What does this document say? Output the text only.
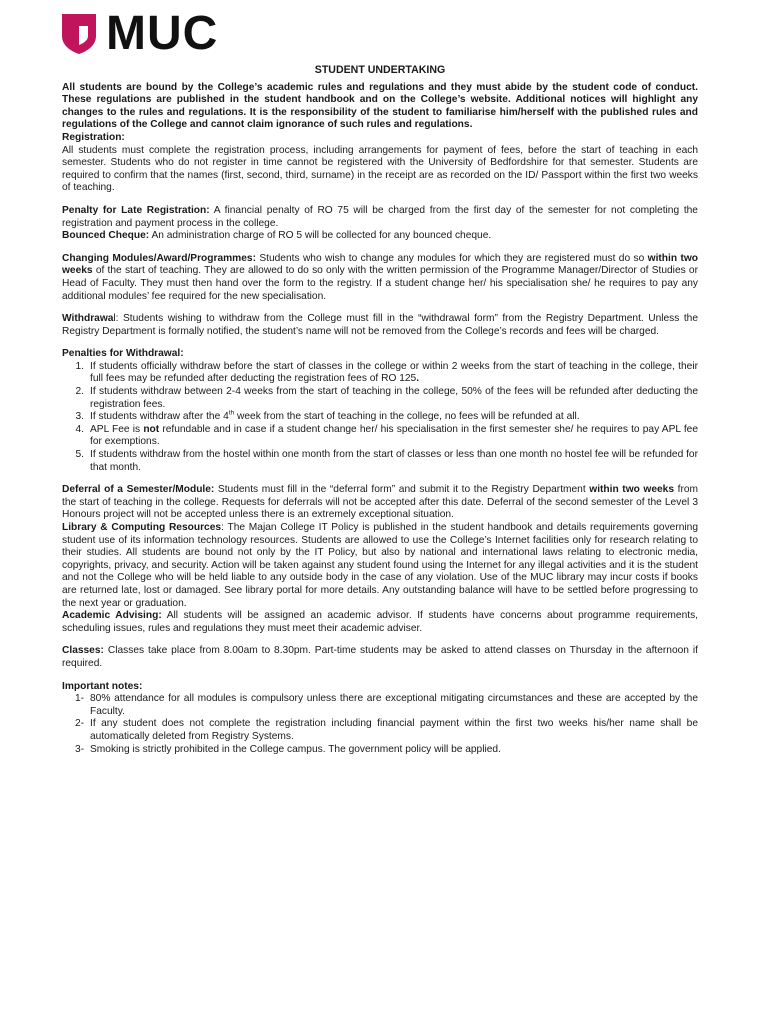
MUC
STUDENT UNDERTAKING

All students are bound by the College’s academic rules and regulations and they must abide by the student code of conduct. These regulations are published in the student handbook and on the College’s website. Additional notices will highlight any changes to the rules and regulations. It is the responsibility of the student to familiarise him/herself with the published rules and regulations of the College and cannot claim ignorance of such rules and regulations.

Registration:

All students must complete the registration process, including arrangements for payment of fees, before the start of teaching in each semester. Students who do not register in time cannot be registered with the University of Bedfordshire for that semester. Students are required to confirm that the names (first, second, third, surname) in the receipt are as recorded on the ID/ Passport within the first two weeks of teaching.

Penalty for Late Registration: A financial penalty of RO 75 will be charged from the first day of the semester for not completing the registration and payment process in the college.

Bounced Cheque: An administration charge of RO 5 will be collected for any bounced cheque.

Changing Modules/Award/Programmes: Students who wish to change any modules for which they are registered must do so within two weeks of the start of teaching. They are allowed to do so only with the written permission of the Programme Manager/Director of Studies or Head of Faculty. They must then hand over the form to the registry. If a student change her/ his specialisation she/ he requires to pay any additional modules’ fee required for the new specialisation.

Withdrawal: Students wishing to withdraw from the College must fill in the “withdrawal form” from the Registry Department. Unless the Registry Department is formally notified, the student’s name will not be removed from the College’s records and fees will be charged.

Penalties for Withdrawal:

1. If students officially withdraw before the start of classes in the college or within 2 weeks from the start of teaching in the college, their full fees may be refunded after deducting the registration fees of RO 125.
2. If students withdraw between 2-4 weeks from the start of teaching in the college, 50% of the fees will be refunded after deducting the registration fees.
3. If students withdraw after the 4th week from the start of teaching in the college, no fees will be refunded at all.
4. APL Fee is not refundable and in case if a student change her/ his specialisation in the first semester she/ he requires to pay APL fee for exemptions.
5. If students withdraw from the hostel within one month from the start of classes or less than one month no hostel fee will be refunded for that month.

Deferral of a Semester/Module: Students must fill in the “deferral form” and submit it to the Registry Department within two weeks from the start of teaching in the college. Requests for deferrals will not be accepted after this date. Deferral of the second semester of the Level 3 Honours project will not be accepted unless there is an extremely exceptional situation.

Library & Computing Resources: The Majan College IT Policy is published in the student handbook and details requirements governing student use of its information technology resources. Students are allowed to use the College’s Internet facilities only for research relating to their studies. All students are bound not only by the IT Policy, but also by national and international laws relating to electronic media, copyrights, privacy, and security. Action will be taken against any student found using the Internet for any illegal activities and it is the student and not the College who will be held liable to any outside body in the case of any violation. Use of the MUC library may incur costs if books are returned late, lost or damaged. See library portal for more details. Any outstanding balance will have to be settled before progressing to the next year or graduation.

Academic Advising: All students will be assigned an academic advisor. If students have concerns about programme requirements, scheduling issues, rules and regulations they must meet their academic adviser.

Classes: Classes take place from 8.00am to 8.30pm. Part-time students may be asked to attend classes on Thursday in the afternoon if required.

Important notes:

1- 80% attendance for all modules is compulsory unless there are exceptional mitigating circumstances and these are accepted by the Faculty.
2- If any student does not complete the registration including financial payment within the first two weeks his/her name shall be automatically deleted from Registry Systems.
3- Smoking is strictly prohibited in the College campus. The government policy will be applied.
